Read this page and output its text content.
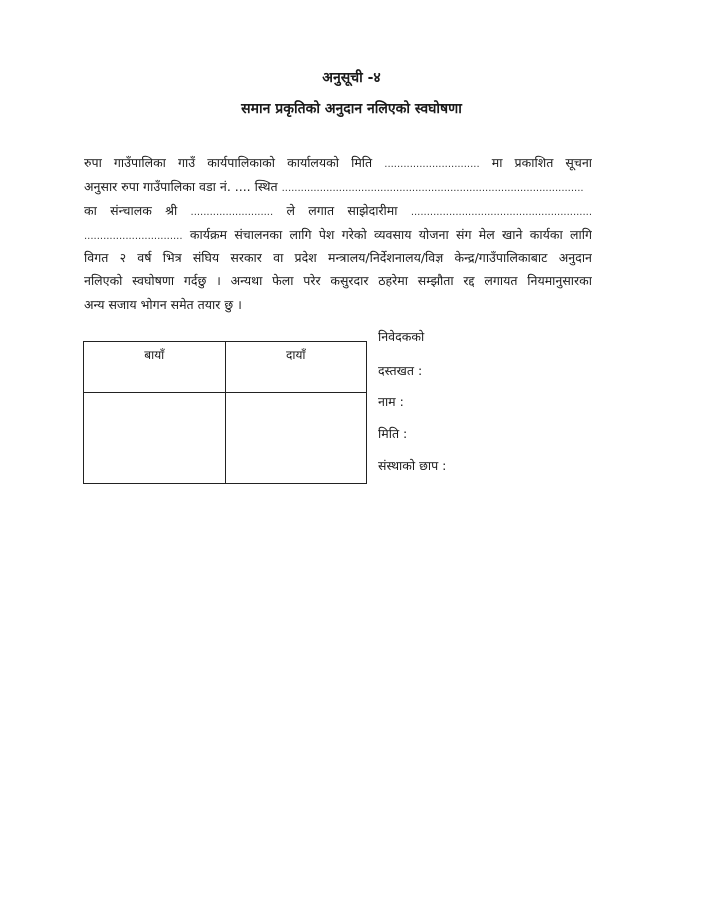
अनुसूची -४
समान प्रकृतिको अनुदान नलिएको स्वघोषणा
रुपा गाउँपालिका गाउँ कार्यपालिकाको कार्यालयको मिति .............................. मा प्रकाशित सूचना
अनुसार रुपा गाउँपालिका वडा नं. .... स्थित ...............................................................................................
का संन्चालक श्री .......................... ले लगात साझेदारीमा .........................................................
............................... कार्यक्रम संचालनका लागि पेश गरेको व्यवसाय योजना संग मेल खाने कार्यका लागि
विगत २ वर्ष भित्र संघिय सरकार वा प्रदेश मन्त्रालय/निर्देशनालय/विज्ञ केन्द्र/गाउँपालिकाबाट अनुदान
नलिएको स्वघोषणा गर्दछु । अन्यथा फेला परेर कसुरदार ठहरेमा सम्झौता रद्द लगायत नियमानुसारका
अन्य सजाय भोगन समेत तयार छु ।
बायाँ	दायाँ

निवेदकको
दस्तखत :
नाम :
मिति :
संस्थाको छाप :
